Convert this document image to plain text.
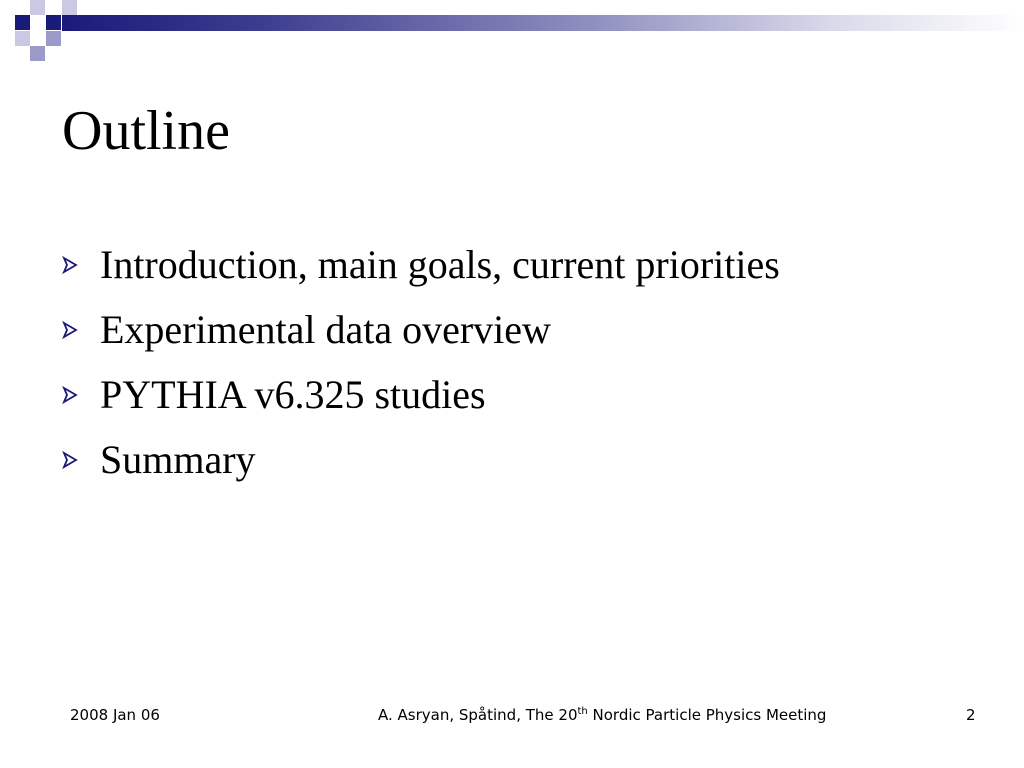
Outline
Introduction, main goals, current priorities
Experimental data overview
PYTHIA v6.325 studies
Summary
2008 Jan 06	A. Asryan, Spåtind, The 20th Nordic Particle Physics Meeting	2
